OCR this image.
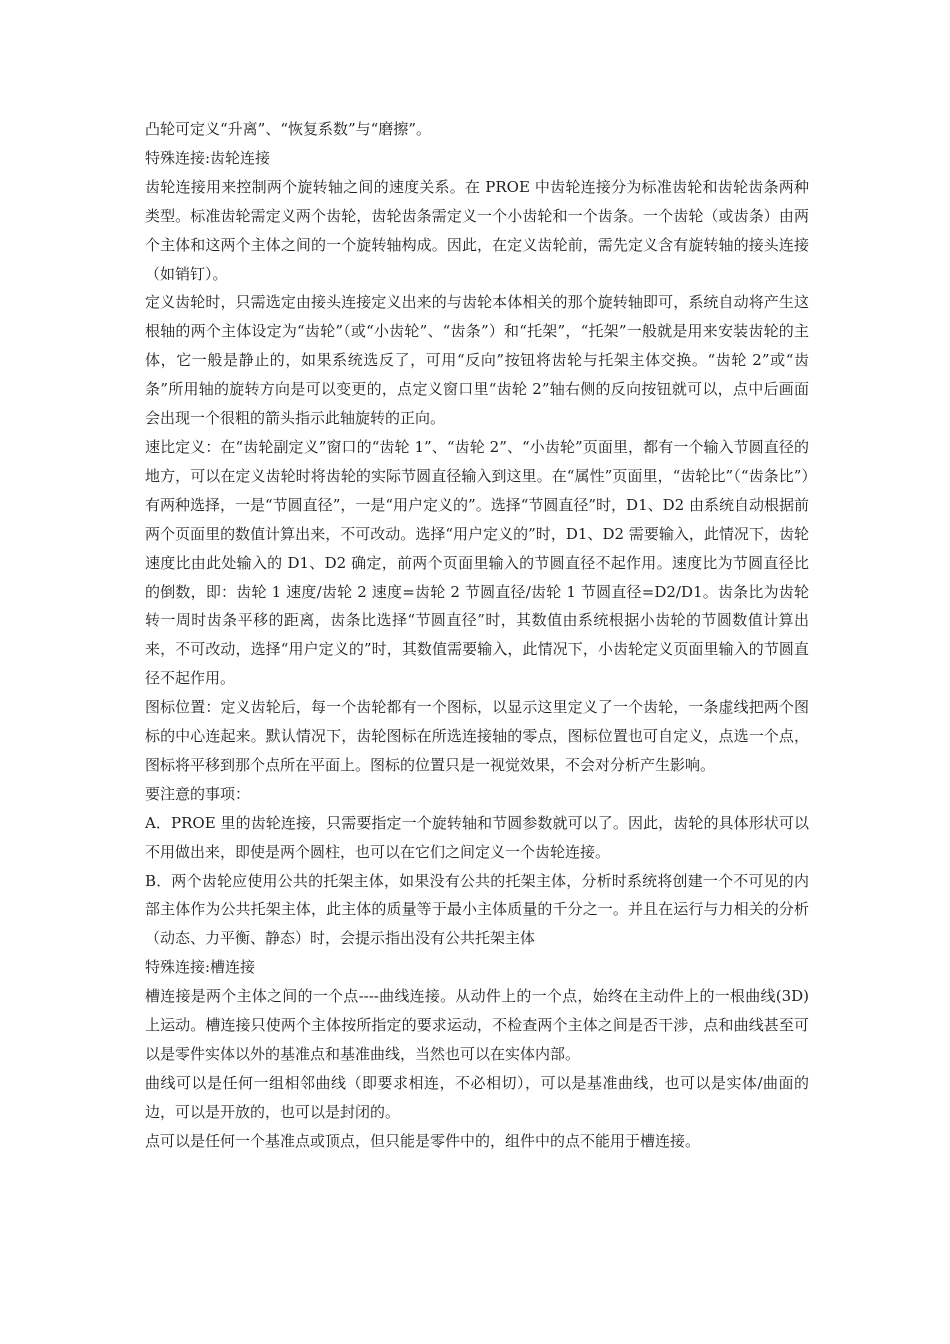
凸轮可定义“升离”、“恢复系数”与“磨擦”。

特殊连接:齿轮连接

齿轮连接用来控制两个旋转轴之间的速度关系。在 PROE 中齿轮连接分为标准齿轮和齿轮齿条两种类型。标准齿轮需定义两个齿轮，齿轮齿条需定义一个小齿轮和一个齿条。一个齿轮（或齿条）由两个主体和这两个主体之间的一个旋转轴构成。因此，在定义齿轮前，需先定义含有旋转轴的接头连接（如销钉）。

定义齿轮时，只需选定由接头连接定义出来的与齿轮本体相关的那个旋转轴即可，系统自动将产生这根轴的两个主体设定为“齿轮”（或“小齿轮”、“齿条”）和“托架”，“托架”一般就是用来安装齿轮的主体，它一般是静止的，如果系统选反了，可用“反向”按钮将齿轮与托架主体交换。“齿轮 2”或“齿条”所用轴的旋转方向是可以变更的，点定义窗口里“齿轮 2”轴右侧的反向按钮就可以，点中后画面会出现一个很粗的箭头指示此轴旋转的正向。

速比定义：在“齿轮副定义”窗口的“齿轮 1”、“齿轮 2”、“小齿轮”页面里，都有一个输入节圆直径的地方，可以在定义齿轮时将齿轮的实际节圆直径输入到这里。在“属性”页面里，“齿轮比”（“齿条比”）有两种选择，一是“节圆直径”，一是“用户定义的”。选择“节圆直径”时，D1、D2 由系统自动根据前两个页面里的数值计算出来，不可改动。选择“用户定义的”时，D1、D2 需要输入，此情况下，齿轮速度比由此处输入的 D1、D2 确定，前两个页面里输入的节圆直径不起作用。速度比为节圆直径比的倒数，即：齿轮 1 速度/齿轮 2 速度=齿轮 2 节圆直径/齿轮 1 节圆直径=D2/D1。齿条比为齿轮转一周时齿条平移的距离，齿条比选择“节圆直径”时，其数值由系统根据小齿轮的节圆数值计算出来，不可改动，选择“用户定义的”时，其数值需要输入，此情况下，小齿轮定义页面里输入的节圆直径不起作用。

图标位置：定义齿轮后，每一个齿轮都有一个图标，以显示这里定义了一个齿轮，一条虚线把两个图标的中心连起来。默认情况下，齿轮图标在所选连接轴的零点，图标位置也可自定义，点选一个点，图标将平移到那个点所在平面上。图标的位置只是一视觉效果，不会对分析产生影响。

要注意的事项：

A．PROE 里的齿轮连接，只需要指定一个旋转轴和节圆参数就可以了。因此，齿轮的具体形状可以不用做出来，即使是两个圆柱，也可以在它们之间定义一个齿轮连接。

B．两个齿轮应使用公共的托架主体，如果没有公共的托架主体，分析时系统将创建一个不可见的内部主体作为公共托架主体，此主体的质量等于最小主体质量的千分之一。并且在运行与力相关的分析（动态、力平衡、静态）时，会提示指出没有公共托架主体

特殊连接:槽连接

槽连接是两个主体之间的一个点----曲线连接。从动件上的一个点，始终在主动件上的一根曲线(3D)上运动。槽连接只使两个主体按所指定的要求运动，不检查两个主体之间是否干涉，点和曲线甚至可以是零件实体以外的基准点和基准曲线，当然也可以在实体内部。

曲线可以是任何一组相邻曲线（即要求相连，不必相切），可以是基准曲线，也可以是实体/曲面的边，可以是开放的，也可以是封闭的。

点可以是任何一个基准点或顶点，但只能是零件中的，组件中的点不能用于槽连接。
